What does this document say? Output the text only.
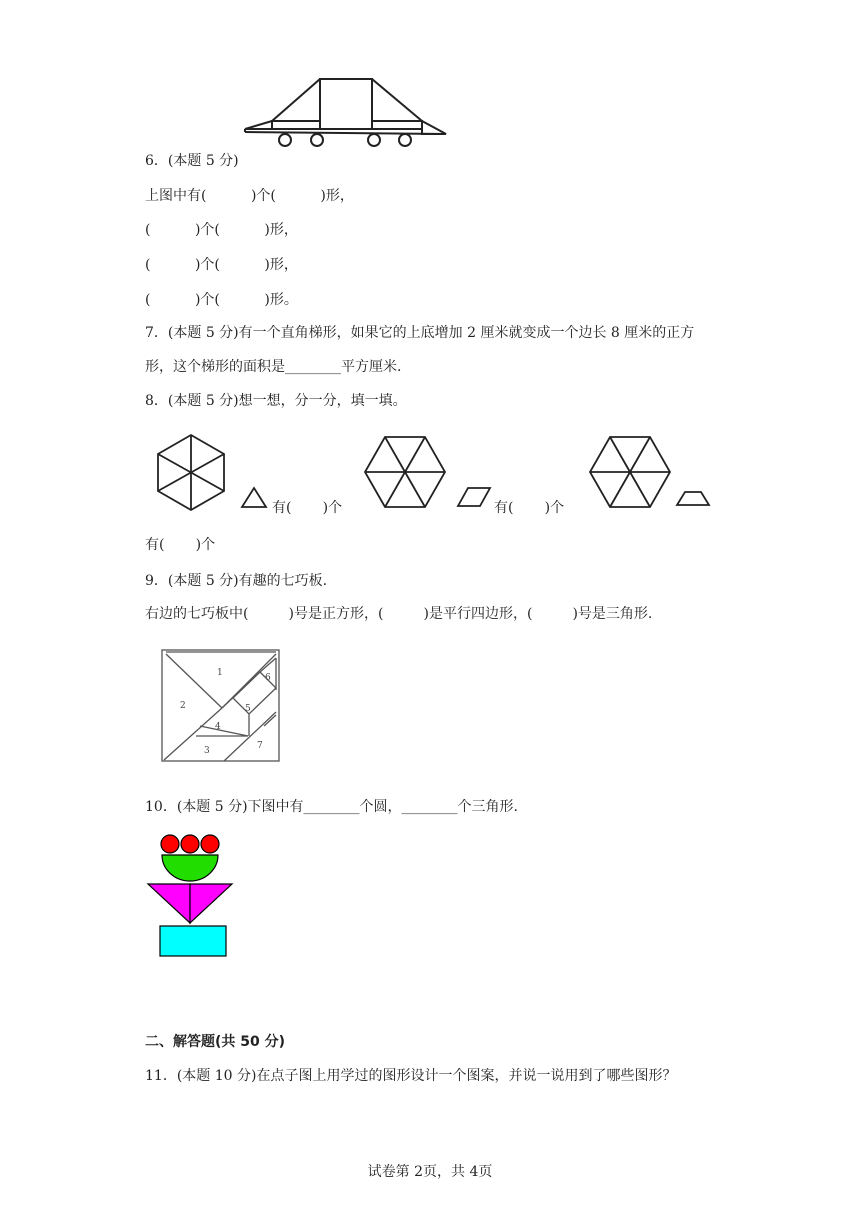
6．(本题 5 分)
上图中有(          )个(          )形，
(          )个(          )形，
(          )个(          )形，
(          )个(          )形。
7．(本题 5 分)有一个直角梯形，如果它的上底增加 2 厘米就变成一个边长 8 厘米的正方
形，这个梯形的面积是________平方厘米.
8．(本题 5 分)想一想，分一分，填一填。
有(       )个	有(       )个
有(       )个
9．(本题 5 分)有趣的七巧板.
右边的七巧板中(         )号是正方形，(         )是平行四边形，(         )号是三角形.
1
2
3
4
5
6
7
10．(本题 5 分)下图中有________个圆，________个三角形.
二、解答题(共 50 分)
11．(本题 10 分)在点子图上用学过的图形设计一个图案，并说一说用到了哪些图形？
试卷第 2页，共 4页
